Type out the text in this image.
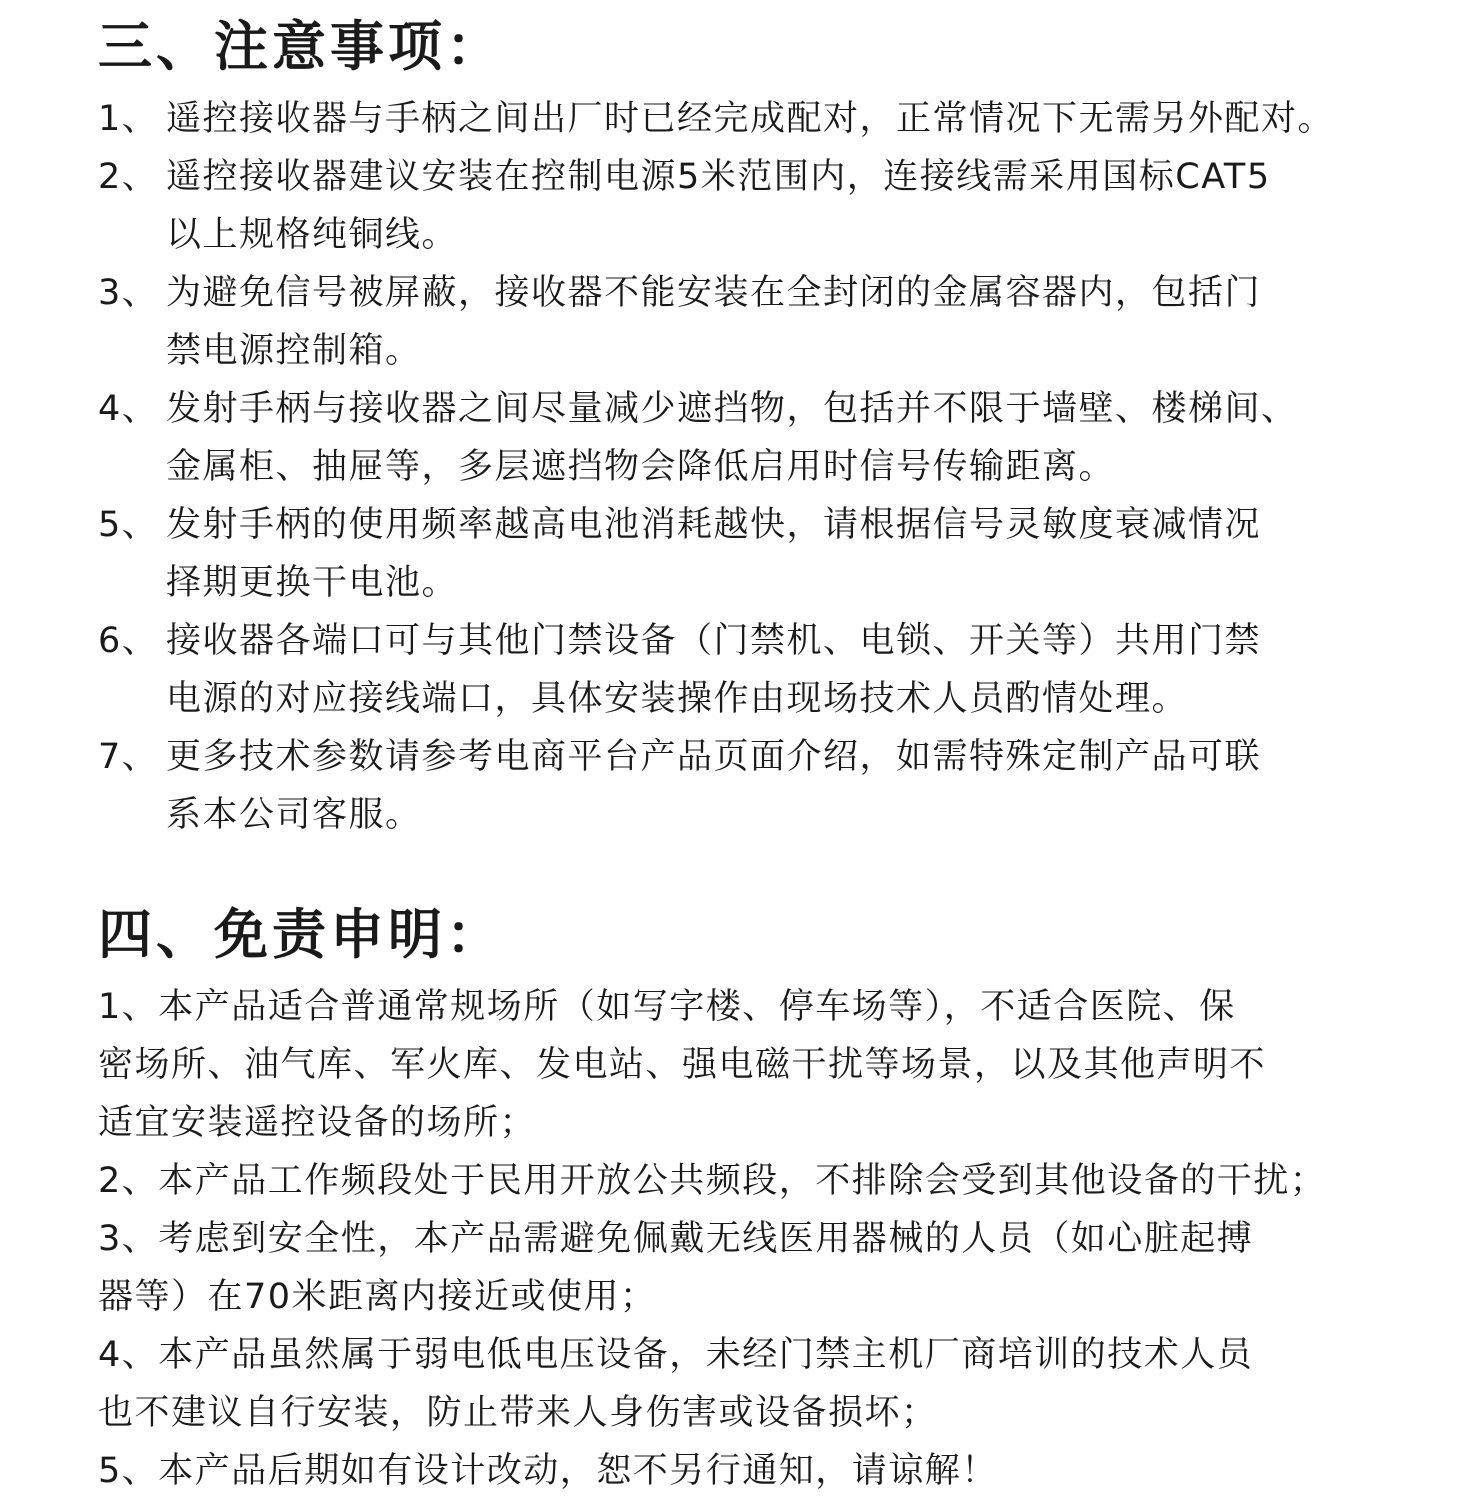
三、注意事项：
1、 遥控接收器与手柄之间出厂时已经完成配对，正常情况下无需另外配对。
2、 遥控接收器建议安装在控制电源5米范围内，连接线需采用国标CAT5
以上规格纯铜线。
3、 为避免信号被屏蔽，接收器不能安装在全封闭的金属容器内，包括门
禁电源控制箱。
4、 发射手柄与接收器之间尽量减少遮挡物，包括并不限于墙壁、楼梯间、
金属柜、抽屉等，多层遮挡物会降低启用时信号传输距离。
5、 发射手柄的使用频率越高电池消耗越快，请根据信号灵敏度衰减情况
择期更换干电池。
6、 接收器各端口可与其他门禁设备（门禁机、电锁、开关等）共用门禁
电源的对应接线端口，具体安装操作由现场技术人员酌情处理。
7、 更多技术参数请参考电商平台产品页面介绍，如需特殊定制产品可联
系本公司客服。
四、免责申明：
1、本产品适合普通常规场所（如写字楼、停车场等），不适合医院、保
密场所、油气库、军火库、发电站、强电磁干扰等场景，以及其他声明不
适宜安装遥控设备的场所；
2、本产品工作频段处于民用开放公共频段，不排除会受到其他设备的干扰；
3、考虑到安全性，本产品需避免佩戴无线医用器械的人员（如心脏起搏
器等）在70米距离内接近或使用；
4、本产品虽然属于弱电低电压设备，未经门禁主机厂商培训的技术人员
也不建议自行安装，防止带来人身伤害或设备损坏；
5、本产品后期如有设计改动，恕不另行通知，请谅解！
